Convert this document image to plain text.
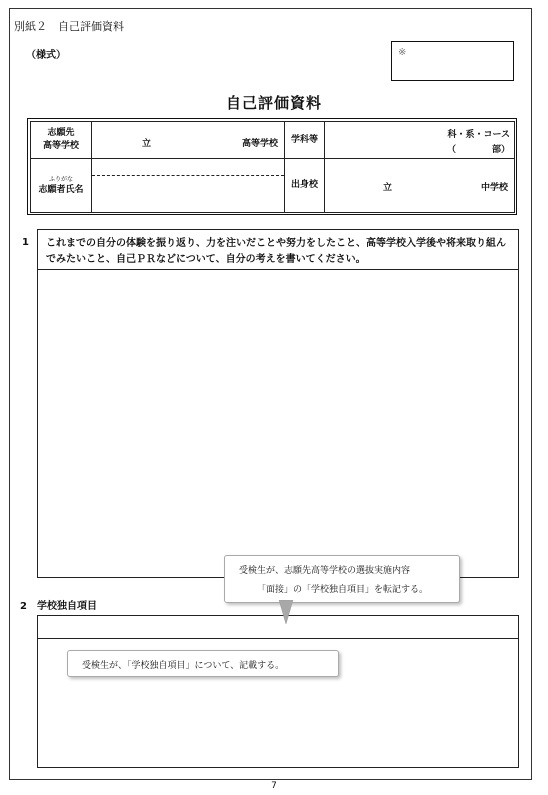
別紙２　自己評価資料
（様式）	※
自己評価資料
志願先
高等学校	立 高等学校	学科等	科・系・コース
（　　　　部）

ふりがな
志願者氏名		出身校	立 中学校
1 これまでの自分の体験を振り返り、力を注いだことや努力をしたこと、高等学校入学後や将来取り組んでみたいこと、自己ＰＲなどについて、自分の考えを書いてください。
2　 学校独自項目
受検生が、志願先高等学校の選抜実施内容
「面接」の「学校独自項目」を転記する。
受検生が、「学校独自項目」について、記載する。
7
